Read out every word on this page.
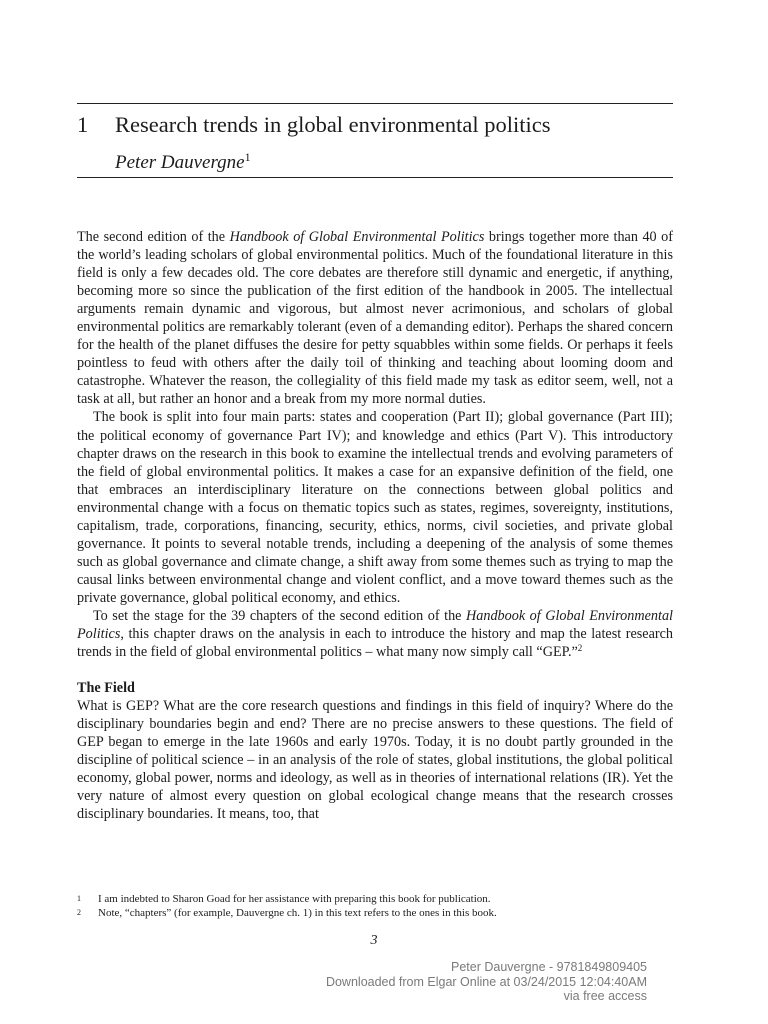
1	Research trends in global environmental politics
Peter Dauvergne$^1$

The second edition of the Handbook of Global Environmental Politics brings together more than 40 of the world’s leading scholars of global environmental politics. Much of the foundational literature in this field is only a few decades old. The core debates are therefore still dynamic and energetic, if anything, becoming more so since the publication of the first edition of the handbook in 2005. The intellectual arguments remain dynamic and vigorous, but almost never acrimonious, and scholars of global environmental politics are remarkably tolerant (even of a demanding editor). Perhaps the shared concern for the health of the planet diffuses the desire for petty squabbles within some fields. Or perhaps it feels pointless to feud with others after the daily toil of thinking and teaching about looming doom and catastrophe. Whatever the reason, the collegiality of this field made my task as editor seem, well, not a task at all, but rather an honor and a break from my more normal duties.

The book is split into four main parts: states and cooperation (Part II); global governance (Part III); the political economy of governance Part IV); and knowledge and ethics (Part V). This introductory chapter draws on the research in this book to examine the intellectual trends and evolving parameters of the field of global environmental politics. It makes a case for an expansive definition of the field, one that embraces an interdisciplinary literature on the connections between global politics and environmental change with a focus on thematic topics such as states, regimes, sovereignty, institutions, capitalism, trade, corporations, financing, security, ethics, norms, civil societies, and private global governance. It points to several notable trends, including a deepening of the analysis of some themes such as global governance and climate change, a shift away from some themes such as trying to map the causal links between environmental change and violent conflict, and a move toward themes such as the private governance, global political economy, and ethics.

To set the stage for the 39 chapters of the second edition of the Handbook of Global Environmental Politics, this chapter draws on the analysis in each to introduce the history and map the latest research trends in the field of global environmental politics – what many now simply call “GEP.”$^2$

The Field

What is GEP? What are the core research questions and findings in this field of inquiry? Where do the disciplinary boundaries begin and end? There are no precise answers to these questions. The field of GEP began to emerge in the late 1960s and early 1970s. Today, it is no doubt partly grounded in the discipline of political science – in an analysis of the role of states, global institutions, the global political economy, global power, norms and ideology, as well as in theories of international relations (IR). Yet the very nature of almost every question on global ecological change means that the research crosses disciplinary boundaries. It means, too, that

1	I am indebted to Sharon Goad for her assistance with preparing this book for publication.
2	Note, “chapters” (for example, Dauvergne ch. 1) in this text refers to the ones in this book.
3
Peter Dauvergne - 9781849809405
Downloaded from Elgar Online at 03/24/2015 12:04:40AM
via free access
